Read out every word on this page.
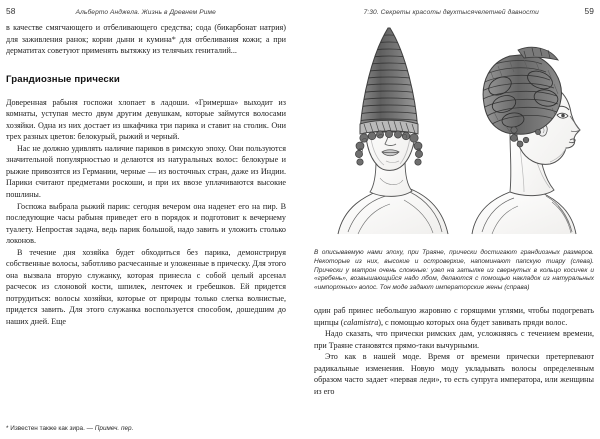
58	Альберто Анджела. Жизнь в Древнем Риме

в качестве смягчающего и отбеливающего средства; сода (бикарбонат натрия) для заживления ранок; корни дыни и кумина* для отбеливания кожи; а при дерматитах советуют применять вытяжку из телячьих гениталий...

Грандиозные прически

Доверенная рабыня госпожи хлопает в ладоши. «Гримерша» выходит из комнаты, уступая место двум другим девушкам, которые займутся волосами хозяйки. Одна из них достает из шкафчика три парика и ставит на столик. Они трех разных цветов: белокурый, рыжий и черный.

Нас не должно удивлять наличие париков в римскую эпоху. Они пользуются значительной популярностью и делаются из натуральных волос: белокурые и рыжие привозятся из Германии, черные — из восточных стран, даже из Индии. Парики считают предметами роскоши, и при их ввозе уплачиваются высокие пошлины.

Госпожа выбрала рыжий парик: сегодня вечером она наденет его на пир. В последующие часы рабыня приведет его в порядок и подготовит к вечернему туалету. Непростая задача, ведь парик большой, надо завить и уложить столько локонов.

В течение дня хозяйка будет обходиться без парика, демонстрируя собственные волосы, заботливо расчесанные и уложенные в прическу. Для этого она вызвала вторую служанку, которая принесла с собой целый арсенал расчесок из слоновой кости, шпилек, ленточек и гребешков. Ей придется потрудиться: волосы хозяйки, которые от природы только слегка волнистые, придется завить. Для этого служанка воспользуется способом, дошедшим до наших дней. Еще

* Известен также как зира. — Примеч. пер.
7:30. Секреты красоты двухтысячелетней давности	59
В описываемую нами эпоху, при Траяне, прически достигают грандиозных размеров. Некоторые из них, высокие и островерхие, напоминают папскую тиару (слева). Прически у матрон очень сложные: узел на затылке из свернутых в кольцо косичек и «гребень», возвышающийся надо лбом, делаются с помощью накладок из натуральных «импортных» волос. Тон моде задают императорские жены (справа)

один раб принес небольшую жаровню с горящими углями, чтобы подогревать щипцы (calamistra), с помощью которых она будет завивать пряди волос.

Надо сказать, что прически римских дам, усложняясь с течением времени, при Траяне становятся прямо-таки вычурными.

Это как в нашей моде. Время от времени прически претерпевают радикальные изменения. Новую моду укладывать волосы определенным образом часто задает «первая леди», то есть супруга императора, или женщины из его
